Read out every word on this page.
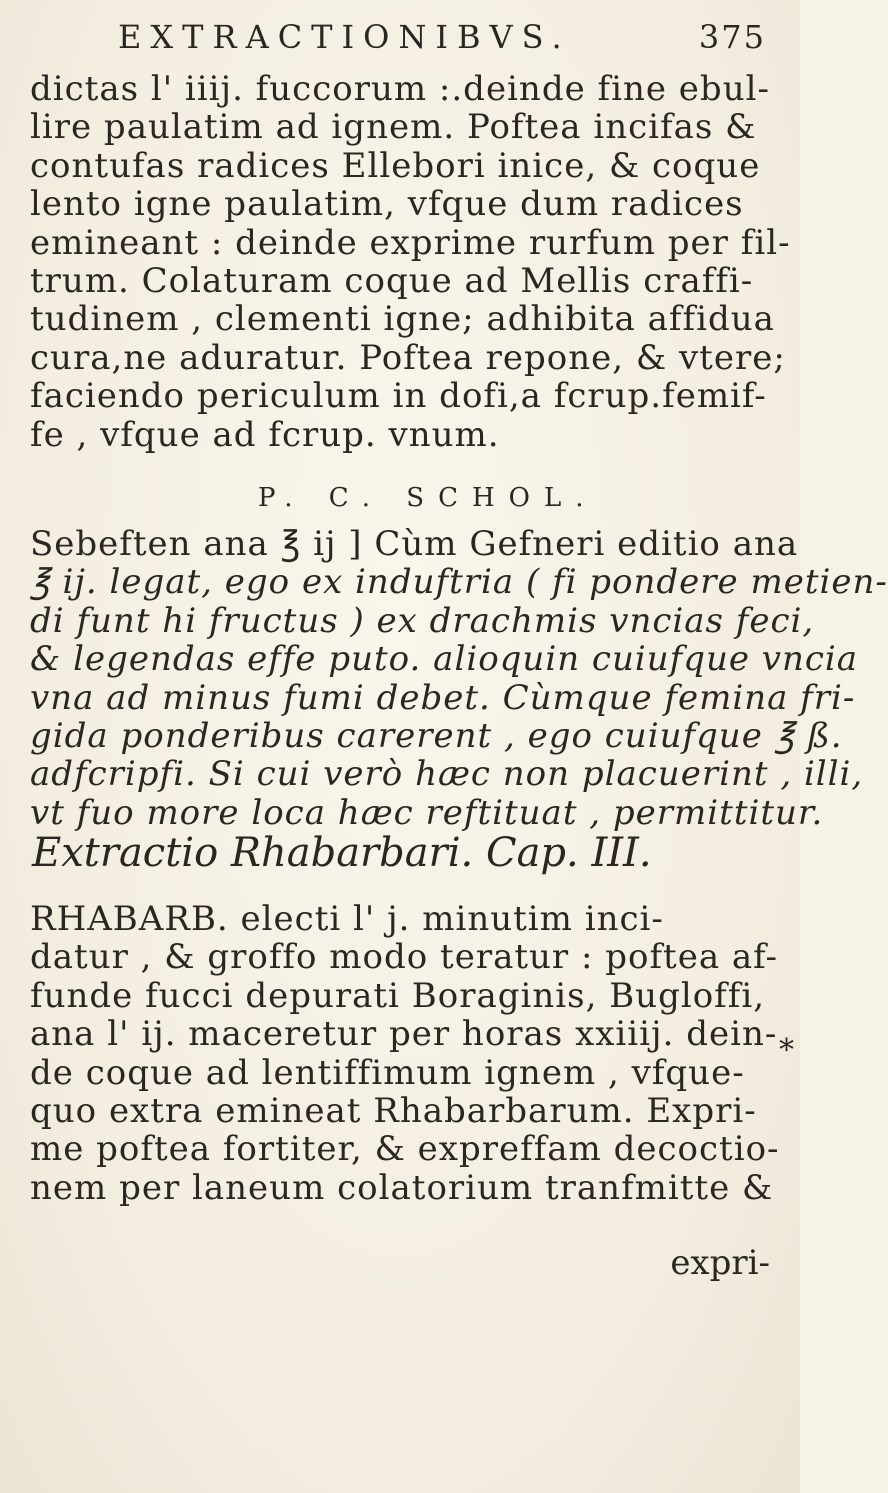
EXTRACTIONIBVS.	375
dictas l' iiij. fuccorum :.deinde fine ebul-
lire paulatim ad ignem. Poftea incifas &
contufas radices Ellebori inice, & coque
lento igne paulatim, vfque dum radices
emineant : deinde exprime rurfum per fil-
trum. Colaturam coque ad Mellis craffi-
tudinem , clementi igne; adhibita affidua
cura,ne aduratur. Poftea repone, & vtere;
faciendo periculum in dofi,a fcrup.femif-
fe , vfque ad fcrup. vnum.
P. C. SCHOL.
Sebeften ana ℥ ij ] Cùm Gefneri editio ana
℥ ij. legat, ego ex induftria ( fi pondere metien-
di funt hi fructus ) ex drachmis vncias feci,
& legendas effe puto. alioquin cuiufque vncia
vna ad minus fumi debet. Cùmque femina fri-
gida ponderibus carerent , ego cuiufque ℥ ß.
adfcripfi. Si cui verò hæc non placuerint , illi,
vt fuo more loca hæc reftituat , permittitur.
Extractio Rhabarbari. Cap. III.
RHABARB. electi l' j. minutim inci-
datur , & groffo modo teratur : poftea af-
funde fucci depurati Boraginis, Bugloffi,
ana l' ij. maceretur per horas xxiiij. dein-
de coque ad lentiffimum ignem , vfque-
quo extra emineat Rhabarbarum. Expri-
me poftea fortiter, & expreffam decoctio-
nem per laneum colatorium tranfmitte &
*
expri-
